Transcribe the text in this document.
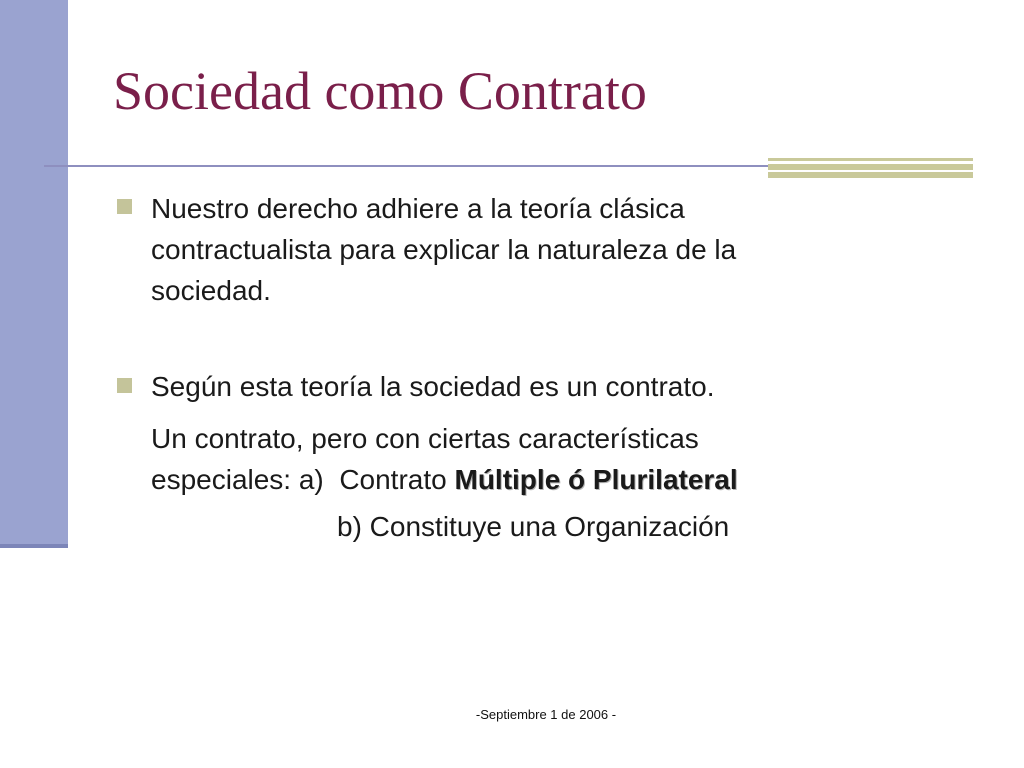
Sociedad como Contrato
Nuestro derecho adhiere a la teoría clásica
contractualista para explicar la naturaleza de la
sociedad.
Según esta teoría la sociedad es un contrato.
Un contrato, pero con ciertas características
especiales: a)  Contrato Múltiple ó Plurilateral
b) Constituye una Organización
-Septiembre 1 de 2006 -
